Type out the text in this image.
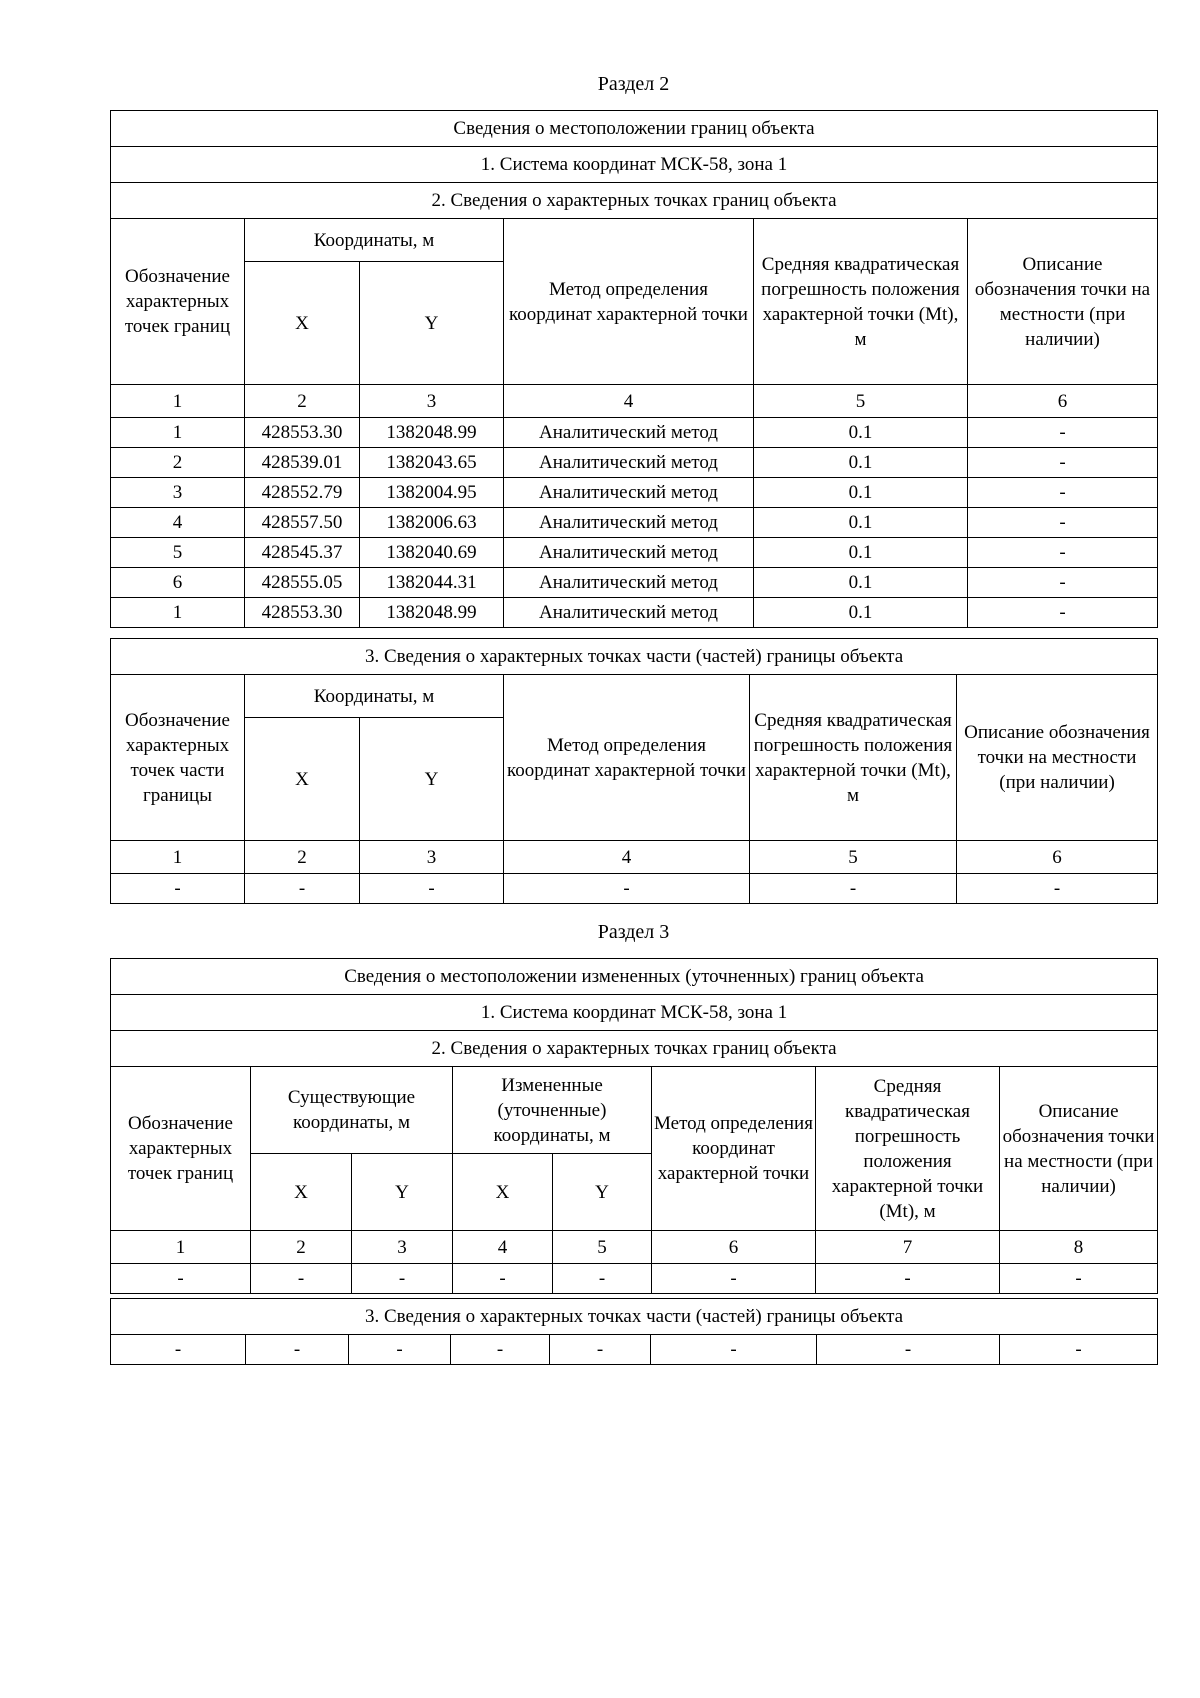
Раздел 2
Сведения о местоположении границ объекта					
1. Система координат МСК-58, зона 1					
2. Сведения о характерных точках границ объекта					
Обозначение характерных точек границ	Координаты, м		Метод определения координат характерной точки	Средняя квадратическая погрешность положения характерной точки (Mt), м	Описание обозначения точки на местности (при наличии)
	X	Y			
1	2	3	4	5	6
1	428553.30	1382048.99	Аналитический метод	0.1	-
2	428539.01	1382043.65	Аналитический метод	0.1	-
3	428552.79	1382004.95	Аналитический метод	0.1	-
4	428557.50	1382006.63	Аналитический метод	0.1	-
5	428545.37	1382040.69	Аналитический метод	0.1	-
6	428555.05	1382044.31	Аналитический метод	0.1	-
1	428553.30	1382048.99	Аналитический метод	0.1	-
3. Сведения о характерных точках части (частей) границы объекта					
Обозначение характерных точек части границы	Координаты, м		Метод определения координат характерной точки	Средняя квадратическая погрешность положения характерной точки (Mt), м	Описание обозначения точки на местности (при наличии)
	X	Y			
1	2	3	4	5	6
-	-	-	-	-	-
Раздел 3
Сведения о местоположении измененных (уточненных) границ объекта							
1. Система координат МСК-58, зона 1							
2. Сведения о характерных точках границ объекта							
Обозначение характерных точек границ	Существующие координаты, м		Измененные (уточненные) координаты, м		Метод определения координат характерной точки	Средняя квадратическая погрешность положения характерной точки (Mt), м	Описание обозначения точки на местности (при наличии)
	X	Y	X	Y			
1	2	3	4	5	6	7	8
-	-	-	-	-	-	-	-
3. Сведения о характерных точках части (частей) границы объекта
-	-	-	-	-	-	-	-
